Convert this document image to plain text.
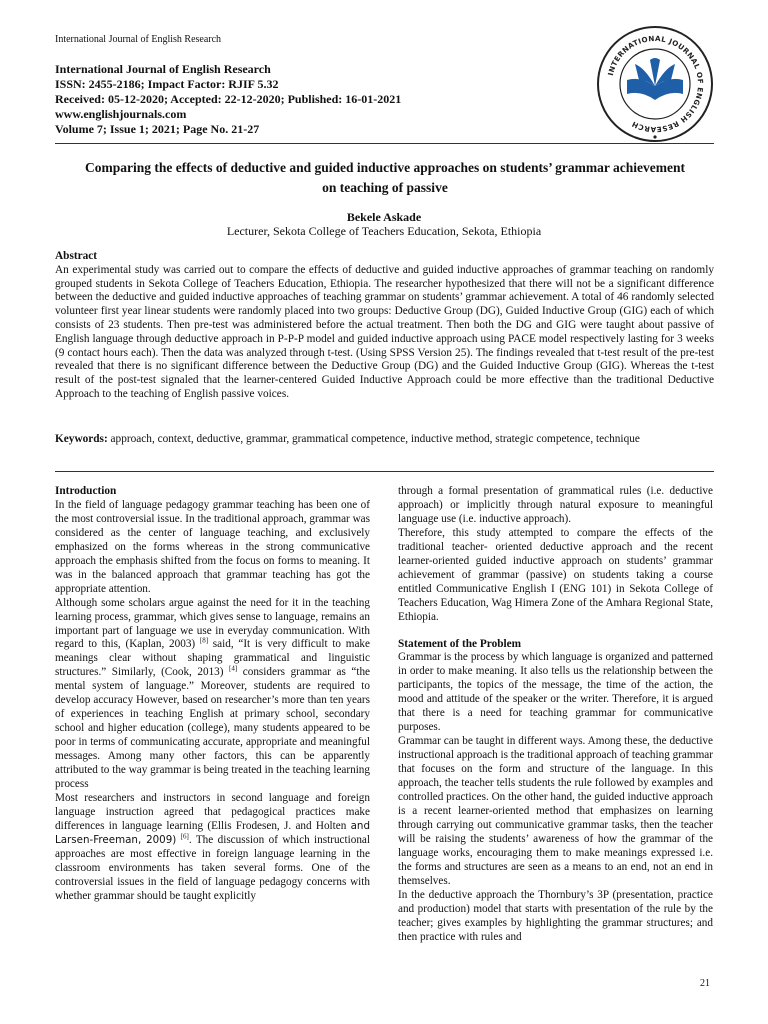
International Journal of English Research
International Journal of English Research
ISSN: 2455-2186; Impact Factor: RJIF 5.32
Received: 05-12-2020; Accepted: 22-12-2020; Published: 16-01-2021
www.englishjournals.com
Volume 7; Issue 1; 2021; Page No. 21-27
INTERNATIONAL JOURNAL OF ENGLISH RESEARCH
Comparing the effects of deductive and guided inductive approaches on students’ grammar achievement on teaching of passive
Bekele Askade
Lecturer, Sekota College of Teachers Education, Sekota, Ethiopia
Abstract

An experimental study was carried out to compare the effects of deductive and guided inductive approaches of grammar teaching on randomly grouped students in Sekota College of Teachers Education, Ethiopia. The researcher hypothesized that there will not be a significant difference between the deductive and guided inductive approaches of teaching grammar on students’ grammar achievement. A total of 46 randomly selected volunteer first year linear students were randomly placed into two groups: Deductive Group (DG), Guided Inductive Group (GIG) each of which consists of 23 students. Then pre-test was administered before the actual treatment. Then both the DG and GIG were taught about passive of English language through deductive approach in P-P-P model and guided inductive approach using PACE model respectively lasting for 3 weeks (9 contact hours each). Then the data was analyzed through t-test. (Using SPSS Version 25). The findings revealed that t-test result of the pre-test revealed that there is no significant difference between the Deductive Group (DG) and the Guided Inductive Group (GIG). Whereas the t-test result of the post-test signaled that the learner-centered Guided Inductive Approach could be more effective than the traditional Deductive Approach to the teaching of English passive voices.

Keywords: approach, context, deductive, grammar, grammatical competence, inductive method, strategic competence, technique
Introduction

In the field of language pedagogy grammar teaching has been one of the most controversial issue. In the traditional approach, grammar was considered as the center of language teaching, and exclusively emphasized on the forms whereas in the strong communicative approach the emphasis shifted from the focus on forms to meaning. It was in the balanced approach that grammar teaching has got the appropriate attention.

Although some scholars argue against the need for it in the teaching learning process, grammar, which gives sense to language, remains an important part of language we use in everyday communication. With regard to this, (Kaplan, 2003) [8] said, “It is very difficult to make meanings clear without shaping grammatical and linguistic structures.” Similarly, (Cook, 2013) [4] considers grammar as “the mental system of language.” Moreover, students are required to develop accuracy However, based on researcher’s more than ten years of experiences in teaching English at primary school, secondary school and higher education (college), many students appeared to be poor in terms of communicating accurate, appropriate and meaningful messages. Among many other factors, this can be apparently attributed to the way grammar is being treated in the teaching learning process

Most researchers and instructors in second language and foreign language instruction agreed that pedagogical practices make differences in language learning (Ellis Frodesen, J. and Holten and Larsen-Freeman, 2009) [6]. The discussion of which instructional approaches are most effective in foreign language learning in the classroom environments has taken several forms. One of the controversial issues in the field of language pedagogy concerns with whether grammar should be taught explicitly

through a formal presentation of grammatical rules (i.e. deductive approach) or implicitly through natural exposure to meaningful language use (i.e. inductive approach).

Therefore, this study attempted to compare the effects of the traditional teacher- oriented deductive approach and the recent learner-oriented guided inductive approach on students’ grammar achievement of grammar (passive) on students taking a course entitled Communicative English I (ENG 101) in Sekota College of Teachers Education, Wag Himera Zone of the Amhara Regional State, Ethiopia.

Statement of the Problem

Grammar is the process by which language is organized and patterned in order to make meaning. It also tells us the relationship between the participants, the topics of the message, the time of the action, the mood and attitude of the speaker or the writer. Therefore, it is argued that there is a need for teaching grammar for communicative purposes.

Grammar can be taught in different ways. Among these, the deductive instructional approach is the traditional approach of teaching grammar that focuses on the form and structure of the language. In this approach, the teacher tells students the rule followed by examples and controlled practices. On the other hand, the guided inductive approach is a recent learner-oriented method that emphasizes on learning through carrying out communicative grammar tasks, then the teacher will be raising the students’ awareness of how the grammar of the language works, encouraging them to make meanings expressed i.e. the forms and structures are seen as a means to an end, not an end in themselves.

In the deductive approach the Thornbury’s 3P (presentation, practice and production) model that starts with presentation of the rule by the teacher; gives examples by highlighting the grammar structures; and then practice with rules and

21
